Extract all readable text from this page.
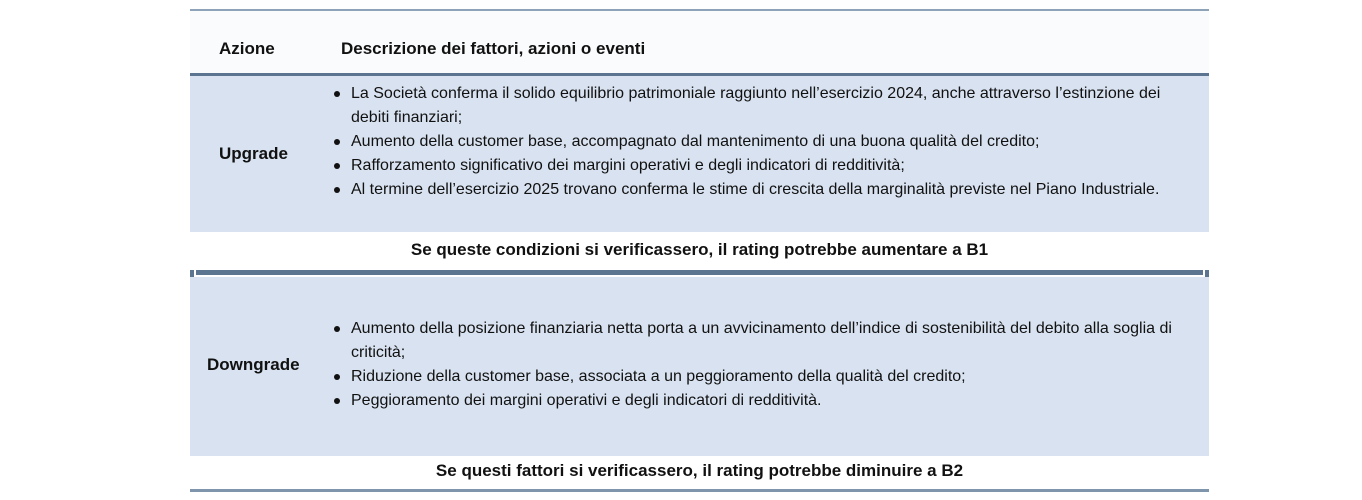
Azione	Descrizione dei fattori, azioni o eventi
Upgrade
La Società conferma il solido equilibrio patrimoniale raggiunto nell’esercizio 2024, anche attraverso l’estinzione dei debiti finanziari;
Aumento della customer base, accompagnato dal mantenimento di una buona qualità del credito;
Rafforzamento significativo dei margini operativi e degli indicatori di redditività;
Al termine dell’esercizio 2025 trovano conferma le stime di crescita della marginalità previste nel Piano Industriale.
Se queste condizioni si verificassero, il rating potrebbe aumentare a B1
Downgrade
Aumento della posizione finanziaria netta porta a un avvicinamento dell’indice di sostenibilità del debito alla soglia di criticità;
Riduzione della customer base, associata a un peggioramento della qualità del credito;
Peggioramento dei margini operativi e degli indicatori di redditività.
Se questi fattori si verificassero, il rating potrebbe diminuire a B2
